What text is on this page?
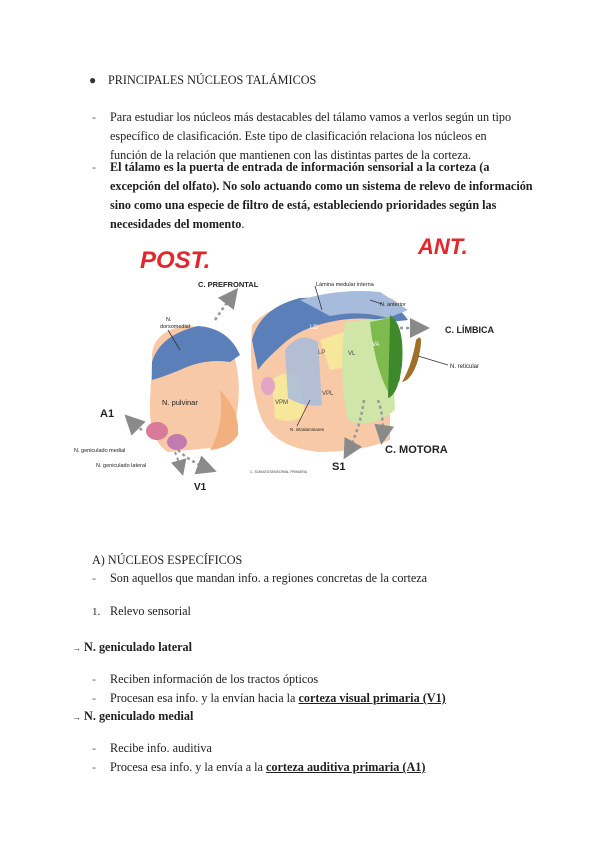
● PRINCIPALES NÚCLEOS TALÁMICOS
- Para estudiar los núcleos más destacables del tálamo vamos a verlos según un tipo
específico de clasificación. Este tipo de clasificación relaciona los núcleos en
función de la relación que mantienen con las distintas partes de la corteza.
- El tálamo es la puerta de entrada de información sensorial a la corteza (a
excepción del olfato). No solo actuando como un sistema de relevo de información
sino como una especie de filtro de está, estableciendo prioridades según las
necesidades del momento.
POST.
ANT.
C. PREFRONTAL	Lámina medular interna
N. anterior
N.
dorsomedial	C. LÍMBICA
LD
LP	VL
VA
N. reticular
N. pulvinar	VPM
VPL
N. intralaminares
A1
N. geniculado medial
N. geniculado lateral
V1
S1
C. MOTORA
C. SOMATOSENSORIAL PRIMARIA
A) NÚCLEOS ESPECÍFICOS
- Son aquellos que mandan info. a regiones concretas de la corteza
1. Relevo sensorial
→ N. geniculado lateral
- Reciben información de los tractos ópticos
- Procesan esa info. y la envían hacia la corteza visual primaria (V1)
→ N. geniculado medial
- Recibe info. auditiva
- Procesa esa info. y la envía a la corteza auditiva primaria (A1)
